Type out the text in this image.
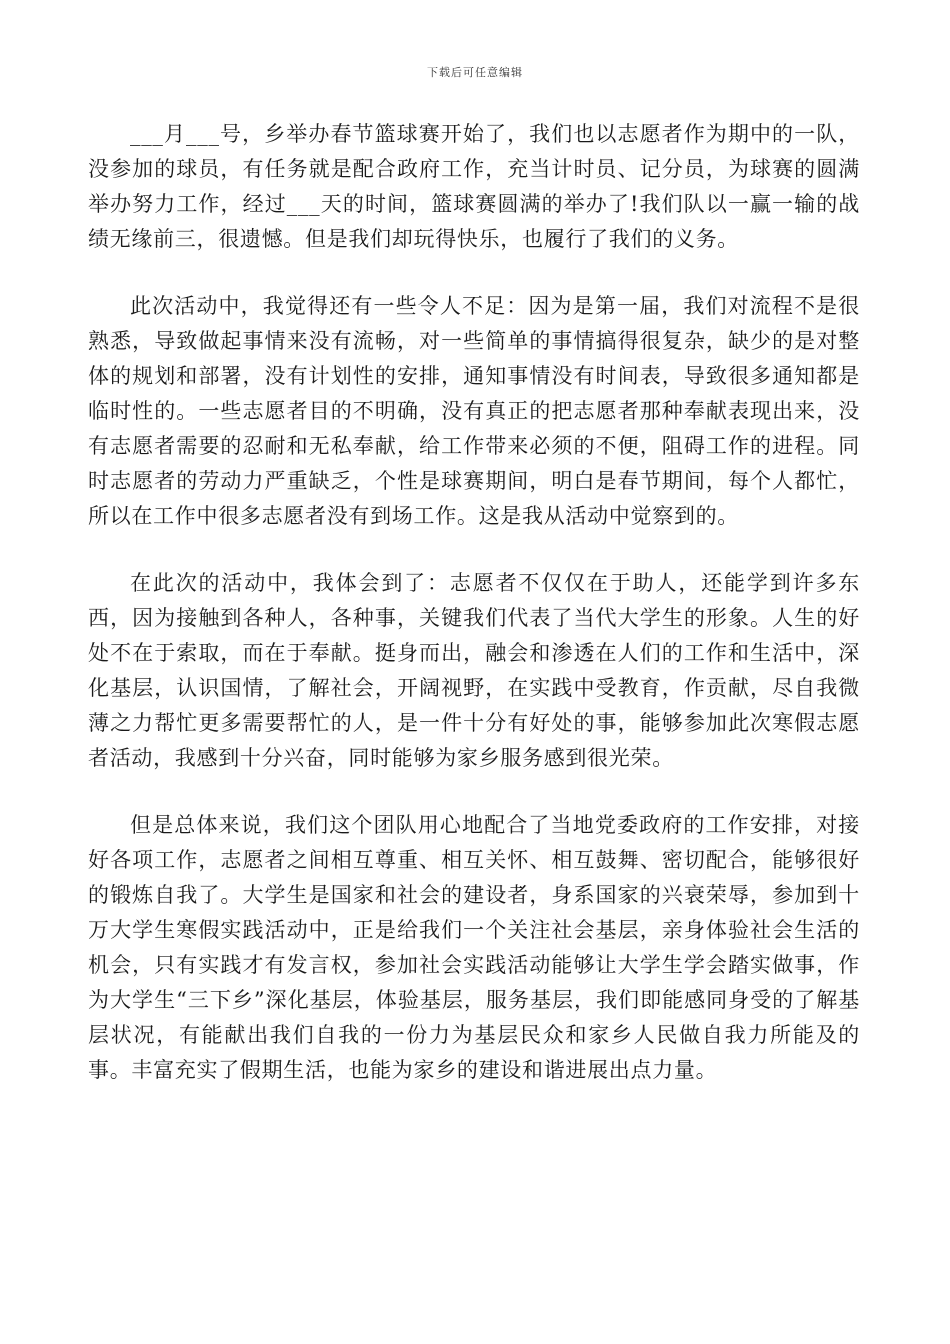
下载后可任意编辑

___月___号，乡举办春节篮球赛开始了，我们也以志愿者作为期中的一队，没参加的球员，有任务就是配合政府工作，充当计时员、记分员，为球赛的圆满举办努力工作，经过___天的时间，篮球赛圆满的举办了!我们队以一赢一输的战绩无缘前三，很遗憾。但是我们却玩得快乐，也履行了我们的义务。

此次活动中，我觉得还有一些令人不足：因为是第一届，我们对流程不是很熟悉，导致做起事情来没有流畅，对一些简单的事情搞得很复杂，缺少的是对整体的规划和部署，没有计划性的安排，通知事情没有时间表，导致很多通知都是临时性的。一些志愿者目的不明确，没有真正的把志愿者那种奉献表现出来，没有志愿者需要的忍耐和无私奉献，给工作带来必须的不便，阻碍工作的进程。同时志愿者的劳动力严重缺乏，个性是球赛期间，明白是春节期间，每个人都忙，所以在工作中很多志愿者没有到场工作。这是我从活动中觉察到的。

在此次的活动中，我体会到了：志愿者不仅仅在于助人，还能学到许多东西，因为接触到各种人，各种事，关键我们代表了当代大学生的形象。人生的好处不在于索取，而在于奉献。挺身而出，融会和渗透在人们的工作和生活中，深化基层，认识国情，了解社会，开阔视野，在实践中受教育，作贡献，尽自我微薄之力帮忙更多需要帮忙的人，是一件十分有好处的事，能够参加此次寒假志愿者活动，我感到十分兴奋，同时能够为家乡服务感到很光荣。

但是总体来说，我们这个团队用心地配合了当地党委政府的工作安排，对接好各项工作，志愿者之间相互尊重、相互关怀、相互鼓舞、密切配合，能够很好的锻炼自我了。大学生是国家和社会的建设者，身系国家的兴衰荣辱，参加到十万大学生寒假实践活动中，正是给我们一个关注社会基层，亲身体验社会生活的机会，只有实践才有发言权，参加社会实践活动能够让大学生学会踏实做事，作为大学生“三下乡”深化基层，体验基层，服务基层，我们即能感同身受的了解基层状况，有能献出我们自我的一份力为基层民众和家乡人民做自我力所能及的事。丰富充实了假期生活，也能为家乡的建设和谐进展出点力量。
